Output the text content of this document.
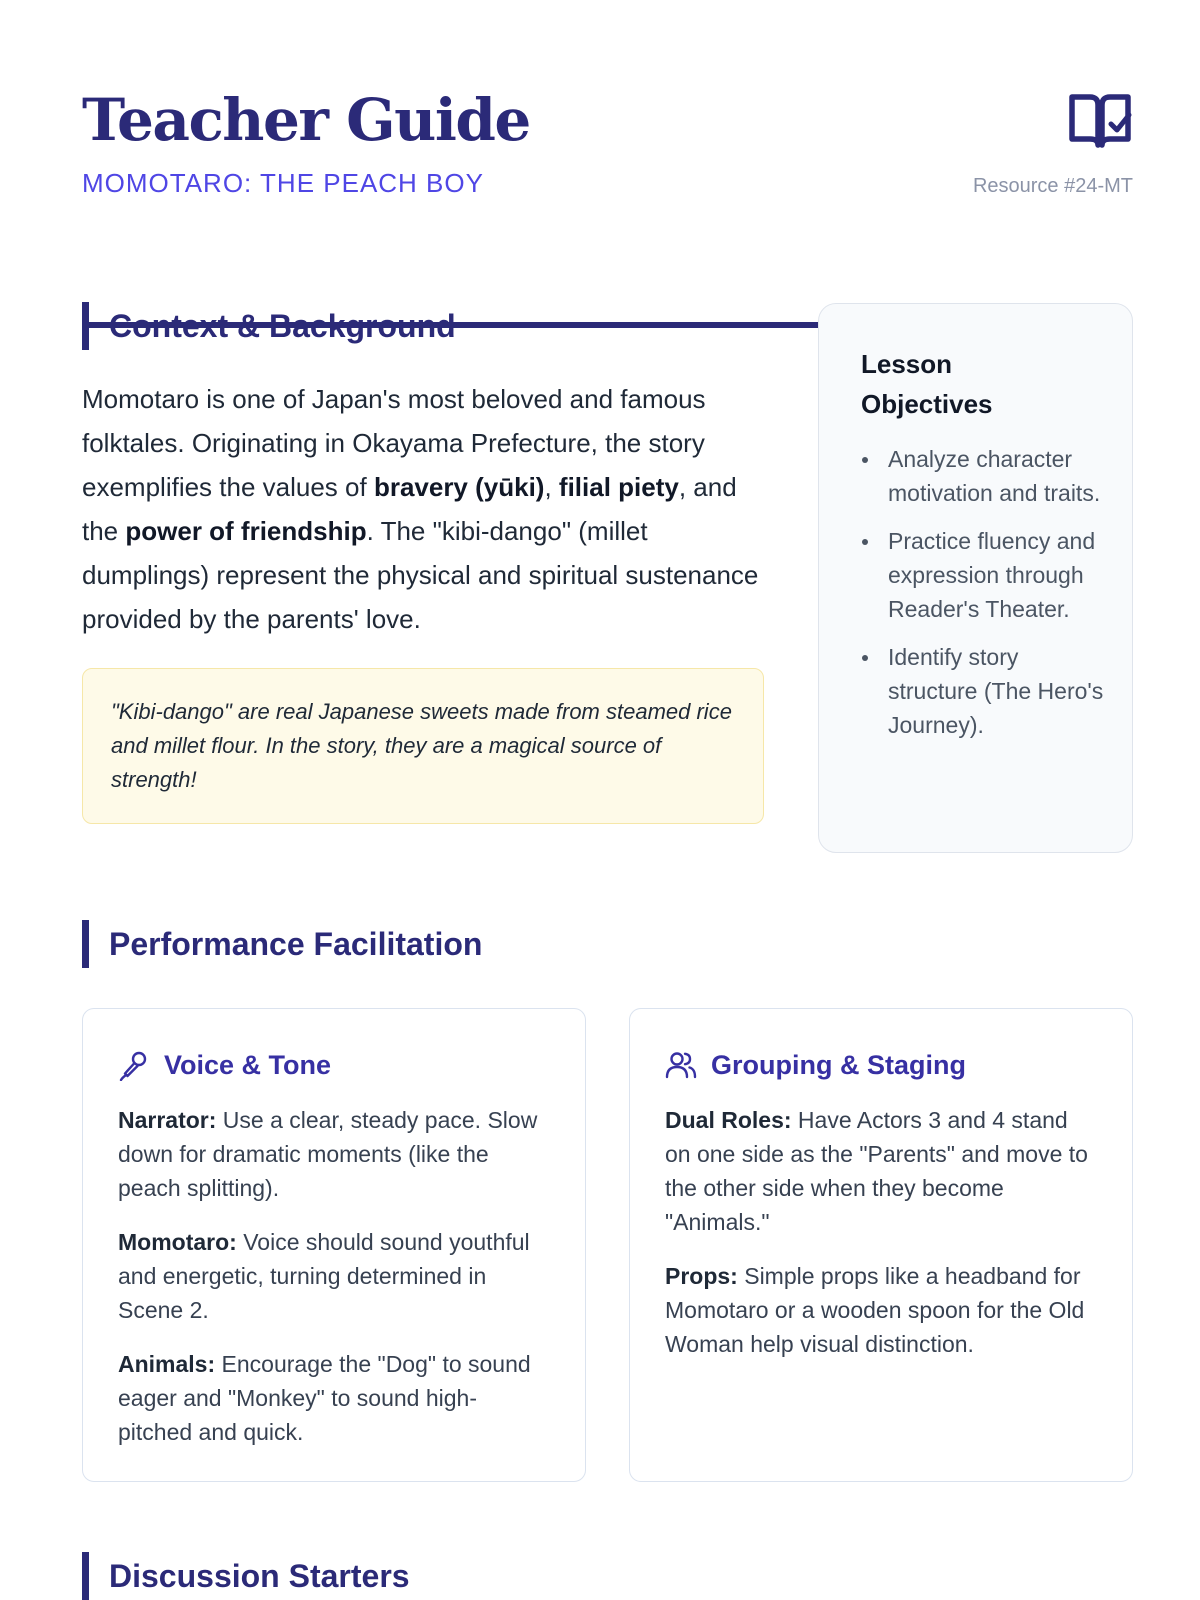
Teacher Guide
MOMOTARO: THE PEACH BOY	Resource #24-MT
Context & Background

Momotaro is one of Japan's most beloved and famous folktales. Originating in Okayama Prefecture, the story exemplifies the values of bravery (yūki), filial piety, and the power of friendship. The "kibi-dango" (millet dumplings) represent the physical and spiritual sustenance provided by the parents' love.

"Kibi-dango" are real Japanese sweets made from steamed rice and millet flour. In the story, they are a magical source of strength!
Lesson Objectives
Analyze character motivation and traits.
Practice fluency and expression through Reader's Theater.
Identify story structure (The Hero's Journey).
Performance Facilitation
Voice & Tone

Narrator: Use a clear, steady pace. Slow down for dramatic moments (like the peach splitting).

Momotaro: Voice should sound youthful and energetic, turning determined in Scene 2.

Animals: Encourage the "Dog" to sound eager and "Monkey" to sound high-pitched and quick.

Grouping & Staging

Dual Roles: Have Actors 3 and 4 stand on one side as the "Parents" and move to the other side when they become "Animals."

Props: Simple props like a headband for Momotaro or a wooden spoon for the Old Woman help visual distinction.

Discussion Starters
